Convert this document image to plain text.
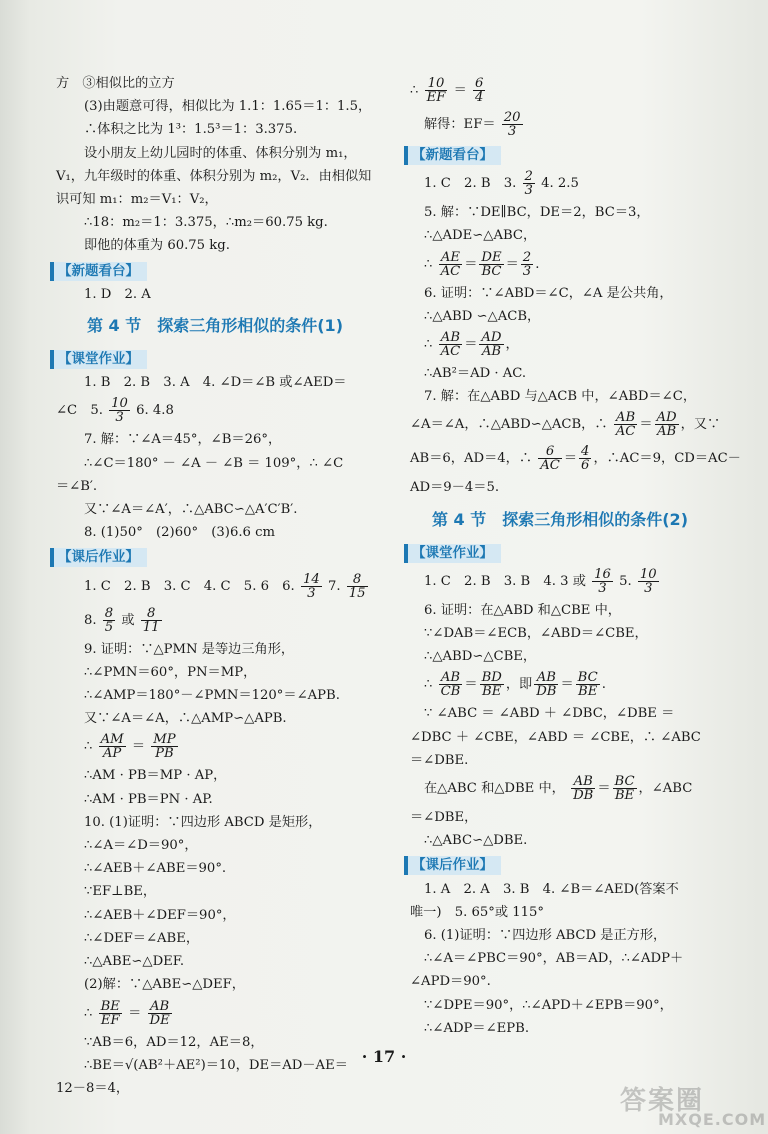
方　③相似比的立方
(3)由题意可得，相似比为 1.1：1.65＝1：1.5，
∴体积之比为 1³：1.5³＝1：3.375.
设小朋友上幼儿园时的体重、体积分别为 m₁，
V₁，九年级时的体重、体积分别为 m₂，V₂．由相似知
识可知 m₁：m₂＝V₁：V₂，
∴18：m₂＝1：3.375，∴m₂＝60.75 kg.
即他的体重为 60.75 kg.
【新题看台】
1. D　2. A
第 4 节　探索三角形相似的条件(1)
【课堂作业】
1. B　2. B　3. A　4. ∠D＝∠B 或∠AED＝
∠C　5. $\frac{10}{3} 6$. 4.8
7. 解：∵∠A＝45°，∠B＝26°，
∴∠C＝180° － ∠A － ∠B ＝ 109°，∴ ∠C
＝∠B′.
又∵∠A＝∠A′，∴△ABC∽△A′C′B′.
8. (1)50°　(2)60°　(3)6.6 cm
【课后作业】
1. C　2. B　3. C　4. C　5. 6　6. $\frac{14}{3} 7$. $\frac{8}{15}$
8. $\frac{8}{5}$ 或 $\frac{8}{11}$
9. 证明：∵△PMN 是等边三角形，
∴∠PMN＝60°，PN＝MP，
∴∠AMP＝180°－∠PMN＝120°＝∠APB.
又∵∠A＝∠A，∴△AMP∽△APB.
∴ $\frac{AM}{AP} = \frac{MP}{PB}$
∴AM · PB＝MP · AP，
∴AM · PB＝PN · AP.
10. (1)证明：∵四边形 ABCD 是矩形，
∴∠A＝∠D＝90°，
∴∠AEB＋∠ABE＝90°.
∵EF⊥BE，
∴∠AEB＋∠DEF＝90°，
∴∠DEF＝∠ABE，
∴△ABE∽△DEF.
(2)解：∵△ABE∽△DEF，
∴ $\frac{BE}{EF} = \frac{AB}{DE}$
∵AB＝6，AD＝12，AE＝8，
∴BE＝√(AB²＋AE²)＝10，DE＝AD－AE＝
12－8＝4，
∴ $\frac{10}{EF} = \frac{6}{4}$
解得：$EF= \frac{20}{3}$
【新题看台】
1. C　2. B　3. $\frac{2}{3} 4$. 2.5
5. 解：∵DE∥BC，DE＝2，BC＝3，
∴△ADE∽△ABC，
∴ $\frac{AE}{AC} = \frac{DE}{BC} = \frac{2}{3}$ .
6. 证明：∵∠ABD＝∠C，∠A 是公共角，
∴△ABD ∽△ACB，
∴ $\frac{AB}{AC} = \frac{AD}{AB}$ ，
∴AB²＝AD · AC.
7. 解：在△ABD 与△ACB 中，∠ABD＝∠C，
∠A＝∠A，∴△ABD∽△ACB，∴ $\frac{AB}{AC} = \frac{AD}{AB}$ ，又∵
AB＝6，AD＝4，∴ $\frac{6}{AC} = \frac{4}{6}$ ，∴AC＝9，CD＝AC－
AD＝9－4＝5.
第 4 节　探索三角形相似的条件(2)
【课堂作业】
1. C　2. B　3. B　4. 3 或 $\frac{16}{3} 5$. $\frac{10}{3}$
6. 证明：在△ABD 和△CBE 中，
∵∠DAB＝∠ECB，∠ABD＝∠CBE，
∴△ABD∽△CBE，
∴ $\frac{AB}{CB} = \frac{BD}{BE}$ ，即 $\frac{AB}{DB} = \frac{BC}{BE}$ .
∵ ∠ABC ＝ ∠ABD ＋ ∠DBC，∠DBE ＝
∠DBC ＋ ∠CBE，∠ABD ＝ ∠CBE，∴ ∠ABC
＝∠DBE.
在△ABC 和△DBE 中， $\frac{AB}{DB} = \frac{BC}{BE}$ ，∠ABC
＝∠DBE，
∴△ABC∽△DBE.
【课后作业】
1. A　2. A　3. B　4. ∠B＝∠AED(答案不
唯一)　5. 65°或 115°
6. (1)证明：∵四边形 ABCD 是正方形，
∴∠A＝∠PBC＝90°，AB＝AD，∴∠ADP＋
∠APD＝90°.
∵∠DPE＝90°，∴∠APD＋∠EPB＝90°，
∴∠ADP＝∠EPB.
· 17 ·
答案圈
MXQE.COM
